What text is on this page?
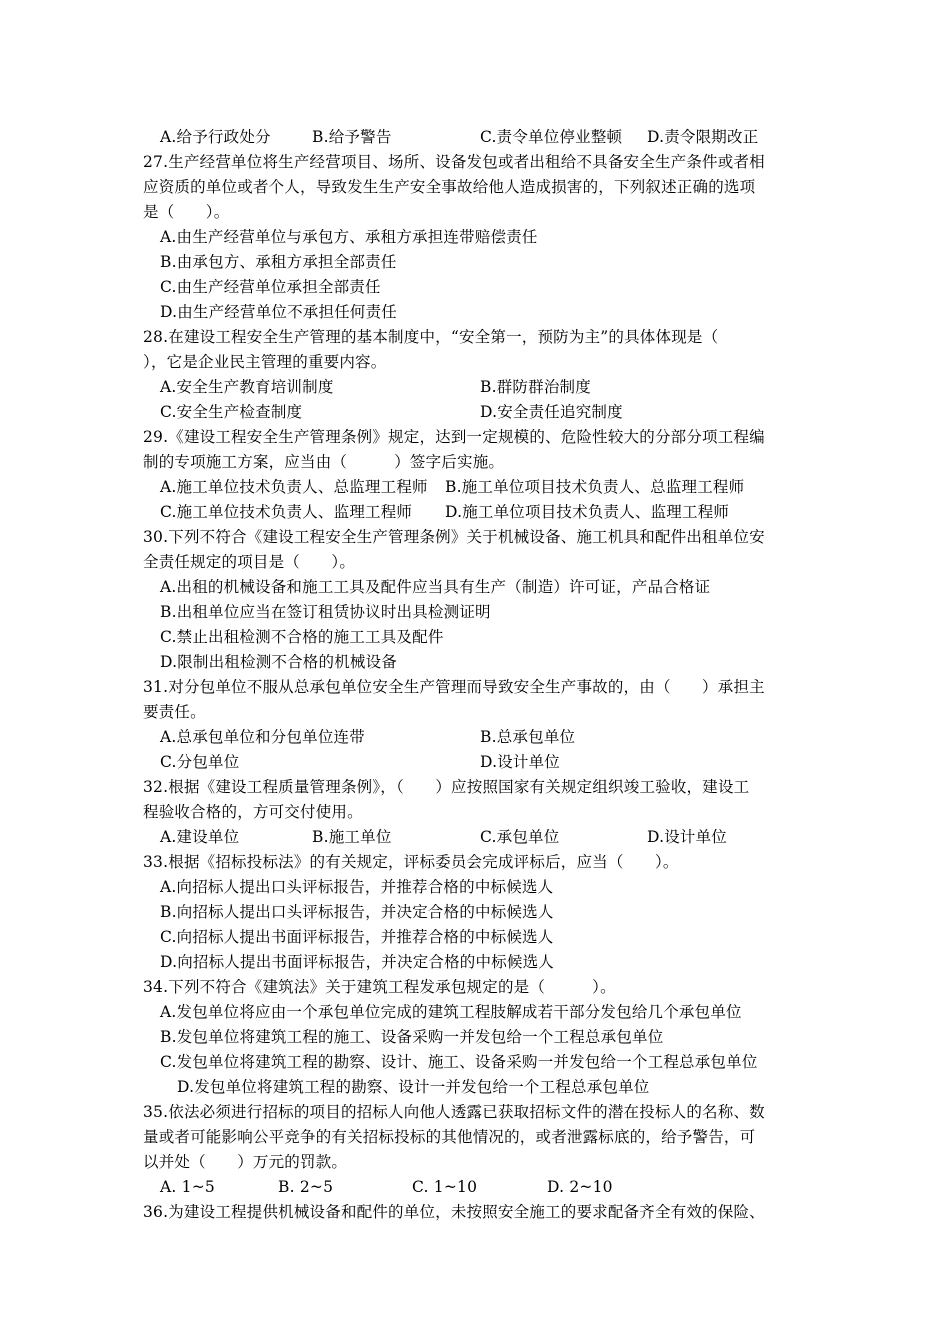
A.给予行政处分	B.给予警告	C.责令单位停业整顿 D.责令限期改正
27.生产经营单位将生产经营项目、场所、设备发包或者出租给不具备安全生产条件或者相
应资质的单位或者个人，导致发生生产安全事故给他人造成损害的，下列叙述正确的选项
是（　　）。
A.由生产经营单位与承包方、承租方承担连带赔偿责任
B.由承包方、承租方承担全部责任
C.由生产经营单位承担全部责任
D.由生产经营单位不承担任何责任
28.在建设工程安全生产管理的基本制度中，“安全第一，预防为主”的具体体现是（
），它是企业民主管理的重要内容。
A.安全生产教育培训制度	B.群防群治制度
C.安全生产检查制度	D.安全责任追究制度
29.《建设工程安全生产管理条例》规定，达到一定规模的、危险性较大的分部分项工程编
制的专项施工方案，应当由（　　　）签字后实施。
A.施工单位技术负责人、总监理工程师 B.施工单位项目技术负责人、总监理工程师
C.施工单位技术负责人、监理工程师 D.施工单位项目技术负责人、监理工程师
30.下列不符合《建设工程安全生产管理条例》关于机械设备、施工机具和配件出租单位安
全责任规定的项目是（　　）。
A.出租的机械设备和施工工具及配件应当具有生产（制造）许可证，产品合格证
B.出租单位应当在签订租赁协议时出具检测证明
C.禁止出租检测不合格的施工工具及配件
D.限制出租检测不合格的机械设备
31.对分包单位不服从总承包单位安全生产管理而导致安全生产事故的，由（　　）承担主
要责任。
A.总承包单位和分包单位连带	B.总承包单位
C.分包单位	D.设计单位
32.根据《建设工程质量管理条例》，（　　）应按照国家有关规定组织竣工验收，建设工
程验收合格的，方可交付使用。
A.建设单位	B.施工单位	C.承包单位	D.设计单位
33.根据《招标投标法》的有关规定，评标委员会完成评标后，应当（　　）。
A.向招标人提出口头评标报告，并推荐合格的中标候选人
B.向招标人提出口头评标报告，并决定合格的中标候选人
C.向招标人提出书面评标报告，并推荐合格的中标候选人
D.向招标人提出书面评标报告，并决定合格的中标候选人
34.下列不符合《建筑法》关于建筑工程发承包规定的是（　　　）。
A.发包单位将应由一个承包单位完成的建筑工程肢解成若干部分发包给几个承包单位
B.发包单位将建筑工程的施工、设备采购一并发包给一个工程总承包单位
C.发包单位将建筑工程的勘察、设计、施工、设备采购一并发包给一个工程总承包单位
D.发包单位将建筑工程的勘察、设计一并发包给一个工程总承包单位
35.依法必须进行招标的项目的招标人向他人透露已获取招标文件的潜在投标人的名称、数
量或者可能影响公平竞争的有关招标投标的其他情况的，或者泄露标底的，给予警告，可
以并处（　　）万元的罚款。
A. 1~5	B. 2~5	C. 1~10	D. 2~10
36.为建设工程提供机械设备和配件的单位，未按照安全施工的要求配备齐全有效的保险、
